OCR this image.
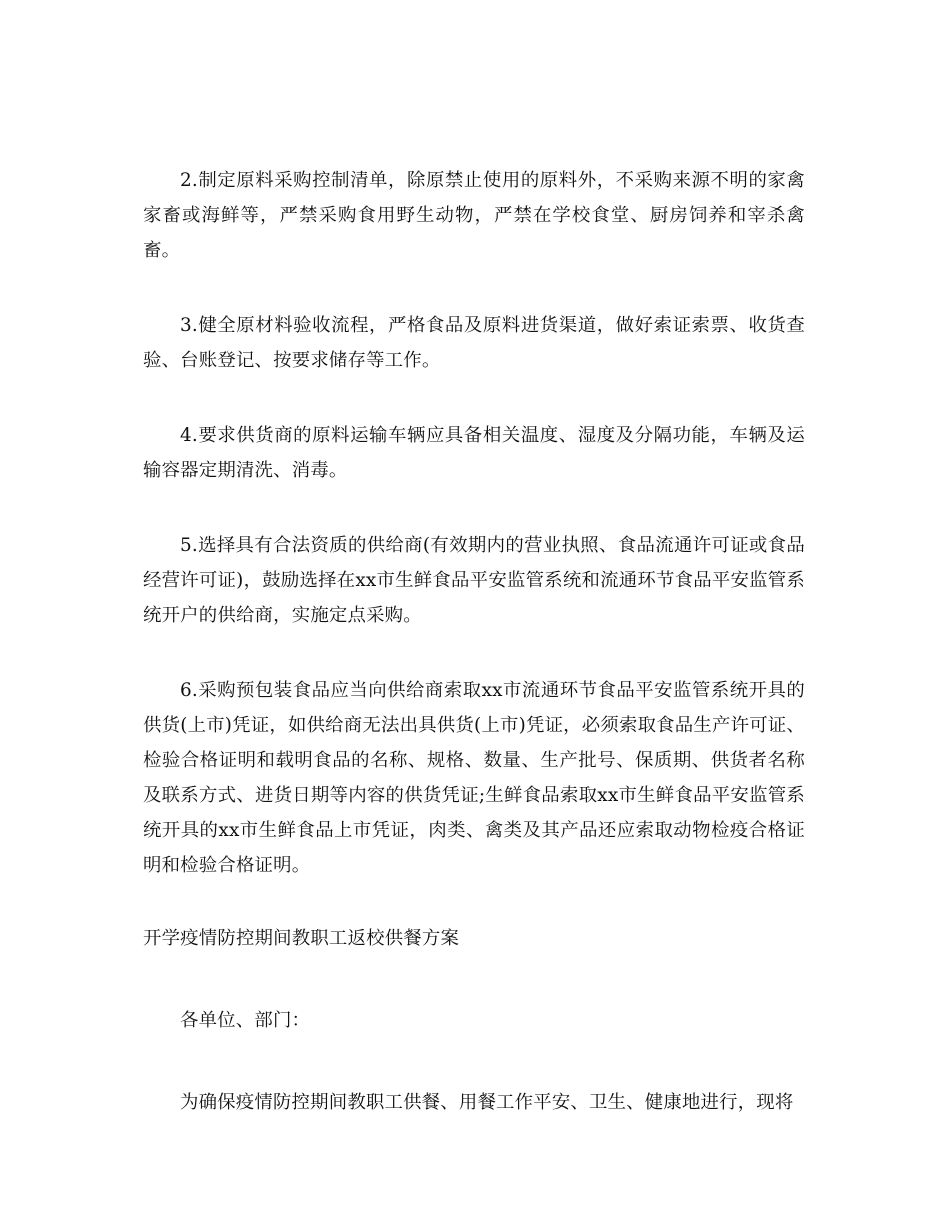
2.制定原料采购控制清单，除原禁止使用的原料外，不采购来源不明的家禽家畜或海鲜等，严禁采购食用野生动物，严禁在学校食堂、厨房饲养和宰杀禽畜。

3.健全原材料验收流程，严格食品及原料进货渠道，做好索证索票、收货查验、台账登记、按要求储存等工作。

4.要求供货商的原料运输车辆应具备相关温度、湿度及分隔功能，车辆及运输容器定期清洗、消毒。

5.选择具有合法资质的供给商(有效期内的营业执照、食品流通许可证或食品经营许可证)，鼓励选择在xx市生鲜食品平安监管系统和流通环节食品平安监管系统开户的供给商，实施定点采购。

6.采购预包装食品应当向供给商索取xx市流通环节食品平安监管系统开具的供货(上市)凭证，如供给商无法出具供货(上市)凭证，必须索取食品生产许可证、检验合格证明和载明食品的名称、规格、数量、生产批号、保质期、供货者名称及联系方式、进货日期等内容的供货凭证;生鲜食品索取xx市生鲜食品平安监管系统开具的xx市生鲜食品上市凭证，肉类、禽类及其产品还应索取动物检疫合格证明和检验合格证明。

开学疫情防控期间教职工返校供餐方案

各单位、部门：

为确保疫情防控期间教职工供餐、用餐工作平安、卫生、健康地进行，现将
